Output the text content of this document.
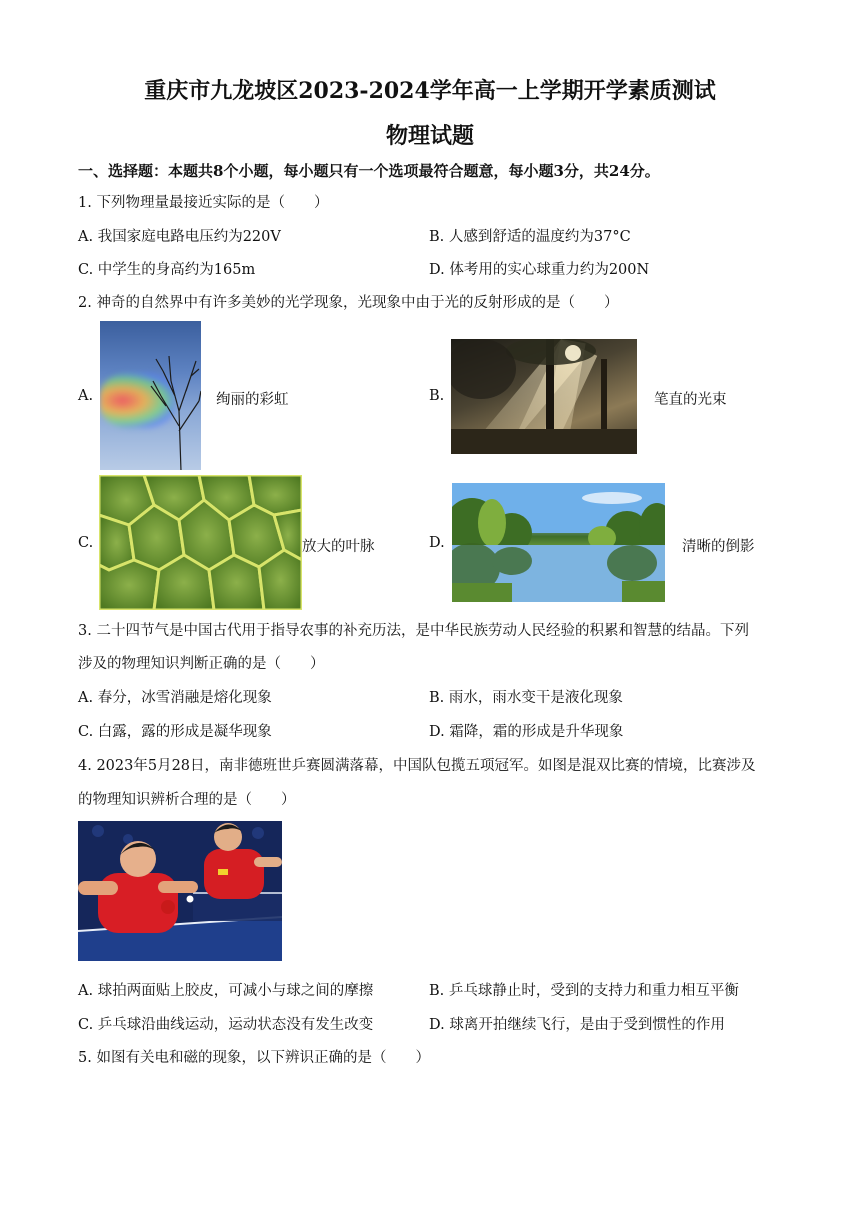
重庆市九龙坡区2023-2024学年高一上学期开学素质测试
物理试题
一、选择题：本题共8个小题，每小题只有一个选项最符合题意，每小题3分，共24分。
1. 下列物理量最接近实际的是（　　）
A. 我国家庭电路电压约为220V	B. 人感到舒适的温度约为37°C
C. 中学生的身高约为165m	D. 体考用的实心球重力约为200N
2. 神奇的自然界中有许多美妙的光学现象，光现象中由于光的反射形成的是（　　）
A.	绚丽的彩虹	B.	笔直的光束
C.	放大的叶脉	D.	清晰的倒影
3. 二十四节气是中国古代用于指导农事的补充历法，是中华民族劳动人民经验的积累和智慧的结晶。下列
涉及的物理知识判断正确的是（　　）
A. 春分，冰雪消融是熔化现象	B. 雨水，雨水变干是液化现象
C. 白露，露的形成是凝华现象	D. 霜降，霜的形成是升华现象
4. 2023年5月28日，南非德班世乒赛圆满落幕，中国队包揽五项冠军。如图是混双比赛的情境，比赛涉及
的物理知识辨析合理的是（　　）
A. 球拍两面贴上胶皮，可减小与球之间的摩擦	B. 乒乓球静止时，受到的支持力和重力相互平衡
C. 乒乓球沿曲线运动，运动状态没有发生改变	D. 球离开拍继续飞行，是由于受到惯性的作用
5. 如图有关电和磁的现象，以下辨识正确的是（　　）
